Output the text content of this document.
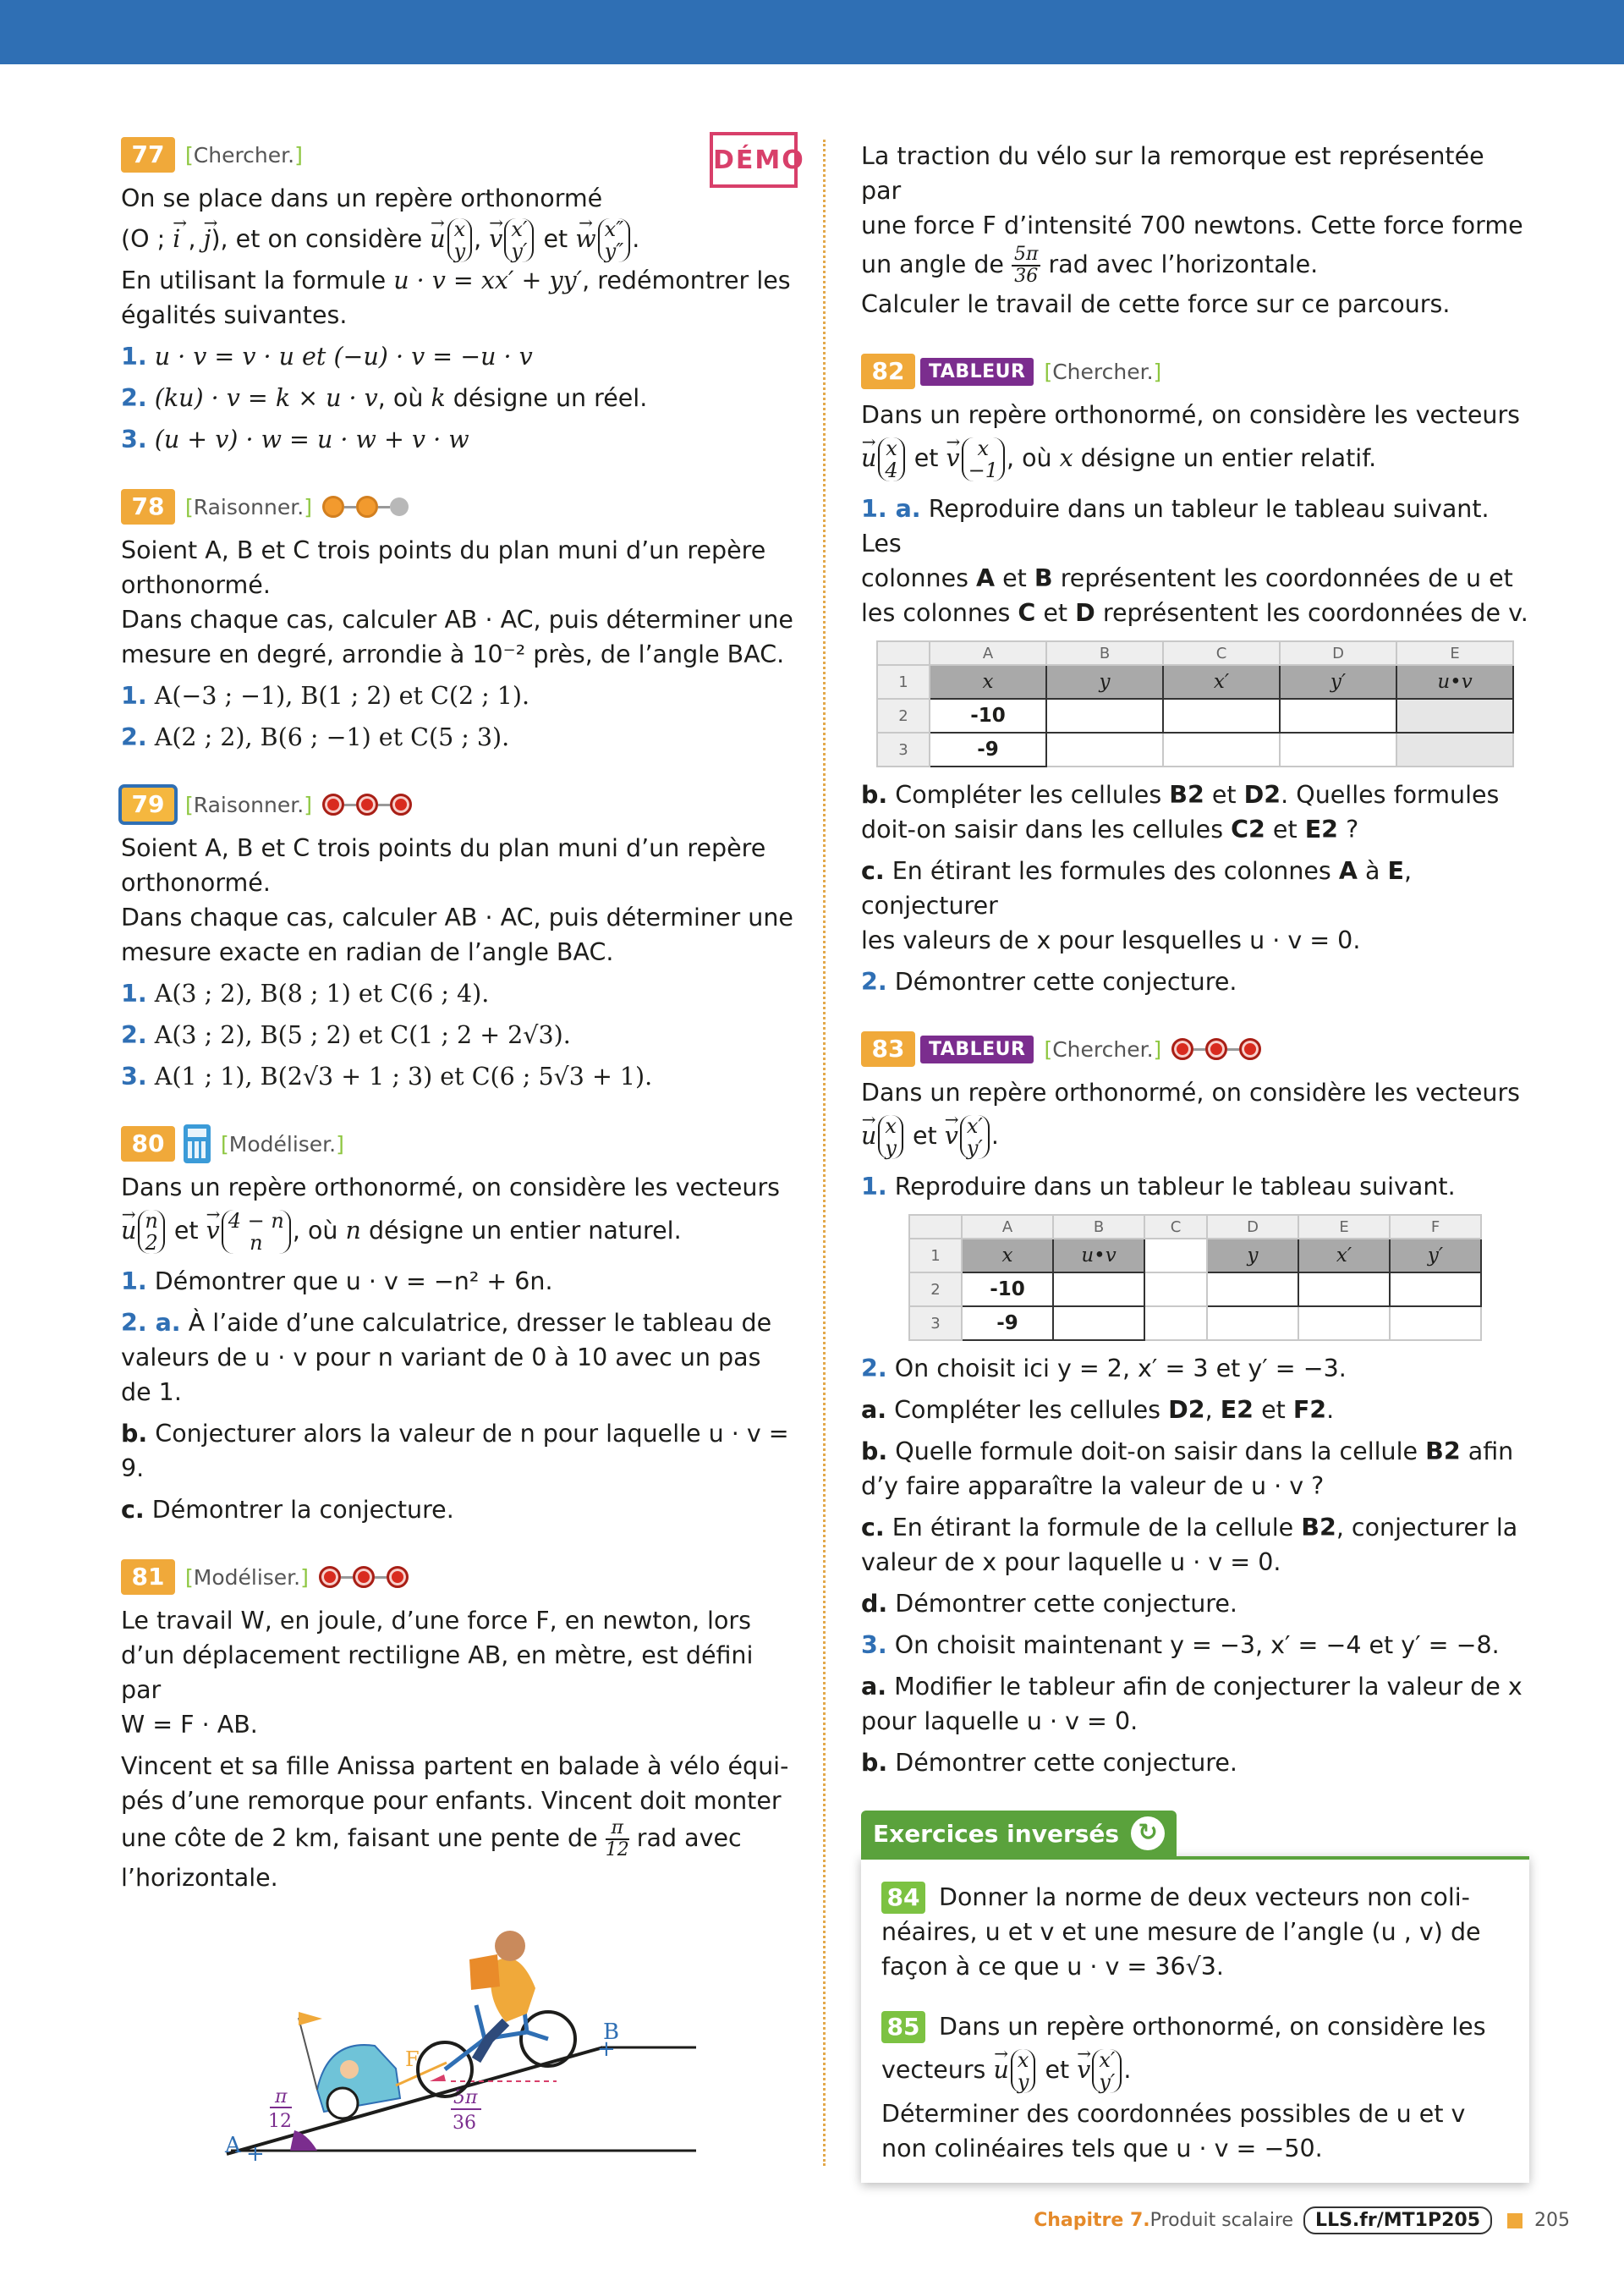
77 [Chercher.]	DÉMO

On se place dans un repère orthonormé

(O ; → i , → j), et on considère → u x
y , → v x′
y′ et → w x″
y″ .

En utilisant la formule u · v = xx′ + yy′, redémontrer les

égalités suivantes.

1. u · v = v · u et (−u) · v = −u · v

2. (ku) · v = k × u · v, où k désigne un réel.

3. (u + v) · w = u · w + v · w

78 [Raisonner.]

Soient A, B et C trois points du plan muni d’un repère

orthonormé.

Dans chaque cas, calculer AB · AC, puis déterminer une

mesure en degré, arrondie à 10⁻² près, de l’angle BAC.

1. A(−3 ; −1), B(1 ; 2) et C(2 ; 1).

2. A(2 ; 2), B(6 ; −1) et C(5 ; 3).

79 [Raisonner.]

Soient A, B et C trois points du plan muni d’un repère

orthonormé.

Dans chaque cas, calculer AB · AC, puis déterminer une

mesure exacte en radian de l’angle BAC.

1. A(3 ; 2), B(8 ; 1) et C(6 ; 4).

2. A(3 ; 2), B(5 ; 2) et C(1 ; 2 + 2√3).

3. A(1 ; 1), B(2√3 + 1 ; 3) et C(6 ; 5√3 + 1).

80	[Modéliser.]

Dans un repère orthonormé, on considère les vecteurs

→ u n
2 et → v 4 − n
n	, où n désigne un entier naturel.

1. Démontrer que u · v = −n² + 6n.

2. a. À l’aide d’une calculatrice, dresser le tableau de

valeurs de u · v pour n variant de 0 à 10 avec un pas de 1.

b. Conjecturer alors la valeur de n pour laquelle u · v = 9.

c. Démontrer la conjecture.

81 [Modéliser.]

Le travail W, en joule, d’une force F, en newton, lors

d’un déplacement rectiligne AB, en mètre, est défini par

W = F · AB.

Vincent et sa fille Anissa partent en balade à vélo équi-

pés d’une remorque pour enfants. Vincent doit monter

une côte de 2 km, faisant une pente de $\frac{\pi}{12}$ rad avec

l’horizontale.

A +
+
B
π
12
5π
36
F

La traction du vélo sur la remorque est représentée par

une force F d’intensité 700 newtons. Cette force forme

un angle de $\frac{5\pi}{36}$ rad avec l’horizontale.

Calculer le travail de cette force sur ce parcours.

82	TABLEUR [Chercher.]

Dans un repère orthonormé, on considère les vecteurs

→ u x
4 et → v x
−1 , où x désigne un entier relatif.

1. a. Reproduire dans un tableur le tableau suivant. Les

colonnes A et B représentent les coordonnées de u et

les colonnes C et D représentent les coordonnées de v.

	A	B	C	D	E
1	x	y	x′	y′	u•v
2	-10				
3	-9				

b. Compléter les cellules B2 et D2. Quelles formules

doit-on saisir dans les cellules C2 et E2 ?

c. En étirant les formules des colonnes A à E, conjecturer

les valeurs de x pour lesquelles u · v = 0.

2. Démontrer cette conjecture.

83	TABLEUR [Chercher.]

Dans un repère orthonormé, on considère les vecteurs

→ u x
y et → v x′
y′ .

1. Reproduire dans un tableur le tableau suivant.

	A	B	C	D	E	F
1	x	u•v		y	x′	y′
2	-10					
3	-9					

2. On choisit ici y = 2, x′ = 3 et y′ = −3.

a. Compléter les cellules D2, E2 et F2.

b. Quelle formule doit-on saisir dans la cellule B2 afin

d’y faire apparaître la valeur de u · v ?

c. En étirant la formule de la cellule B2, conjecturer la

valeur de x pour laquelle u · v = 0.

d. Démontrer cette conjecture.

3. On choisit maintenant y = −3, x′ = −4 et y′ = −8.

a. Modifier le tableur afin de conjecturer la valeur de x

pour laquelle u · v = 0.

b. Démontrer cette conjecture.

Exercices inversés
↻

84 Donner la norme de deux vecteurs non coli-

néaires, u et v et une mesure de l’angle (u , v) de

façon à ce que u · v = 36√3.

85 Dans un repère orthonormé, on considère les

vecteurs → u x
y et → v x′
y′ .

Déterminer des coordonnées possibles de u et v

non colinéaires tels que u · v = −50.

Chapitre 7. Produit scalaire	LLS.fr/MT1P205	205
